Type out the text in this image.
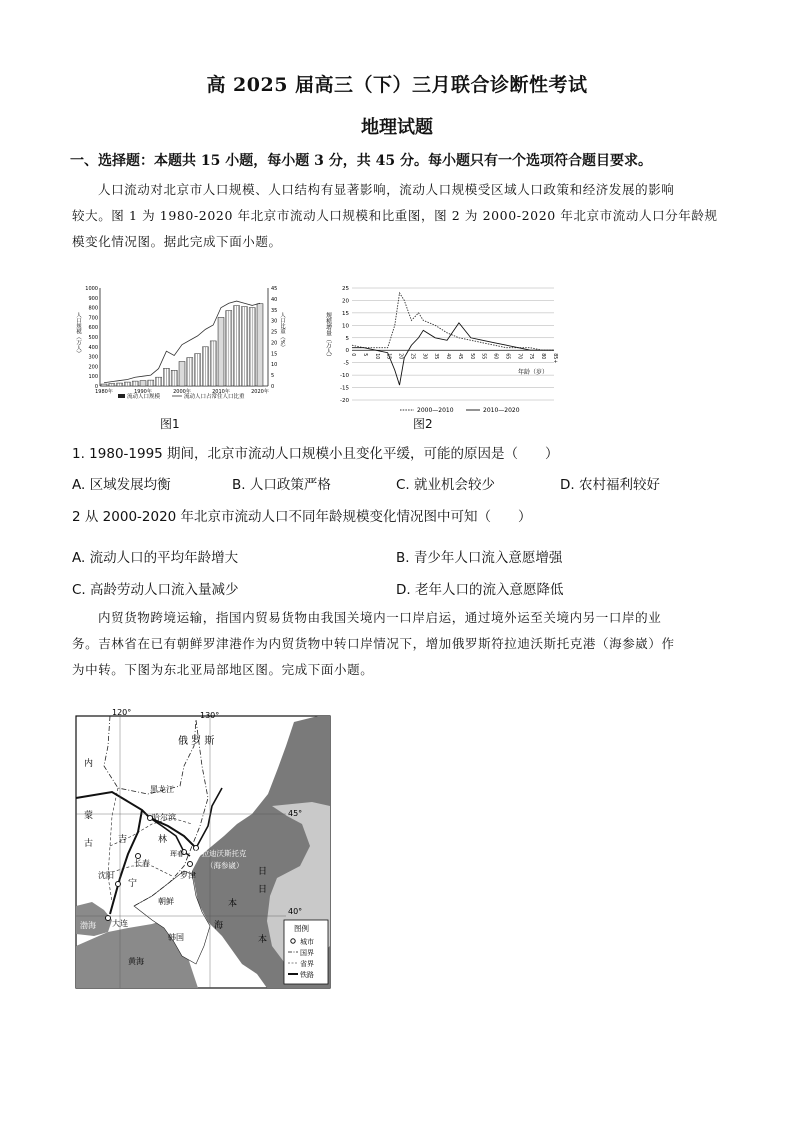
高 2025 届高三（下）三月联合诊断性考试
地理试题
一、选择题：本题共 15 小题，每小题 3 分，共 45 分。每小题只有一个选项符合题目要求。
人口流动对北京市人口规模、人口结构有显著影响，流动人口规模受区域人口政策和经济发展的影响
较大。图 1 为 1980-2020 年北京市流动人口规模和比重图，图 2 为 2000-2020 年北京市流动人口分年龄规
模变化情况图。据此完成下面小题。
1000
900
800
700
600
500
400
300
200
100
0
45
40
35
30
25
20
15
10
5
0
1980年	1990年	2000年	2010年	2020年
人口规模（万人）	人口比重（%）
流动人口规模	流动人口占常住人口比重
图1
25
20
15
10
5
0
-5
-10
-15
-20
0 5 10 15 20 25 30 35 40 45 50 55 60 65 70 75 80 85+
规模增量（万人）
年龄（岁）
2000—2010	2010—2020
图2
1. 1980-1995 期间，北京市流动人口规模小且变化平缓，可能的原因是（　　）
A. 区域发展均衡	B. 人口政策严格	C. 就业机会较少	D. 农村福利较好
2 从 2000-2020 年北京市流动人口不同年龄规模变化情况图中可知（　　）
A. 流动人口的平均年龄增大	B. 青少年人口流入意愿增强
C. 高龄劳动人口流入量减少	D. 老年人口的流入意愿降低
内贸货物跨境运输，指国内贸易货物由我国关境内一口岸启运，通过境外运至关境内另一口岸的业
务。吉林省在已有朝鲜罗津港作为内贸货物中转口岸情况下，增加俄罗斯符拉迪沃斯托克港（海参崴）作
为中转。下图为东北亚局部地区图。完成下面小题。
120°	130°
45°
40°
俄 罗 斯
内
蒙
古
黑龙江
哈尔滨
吉	林
长春
珲春 符拉迪沃斯托克
（海参崴）
罗津
沈阳
宁
大连
渤海
朝鲜
韩国
黄海
日
本
海
日
本
图例
城市
国界
省界
铁路
